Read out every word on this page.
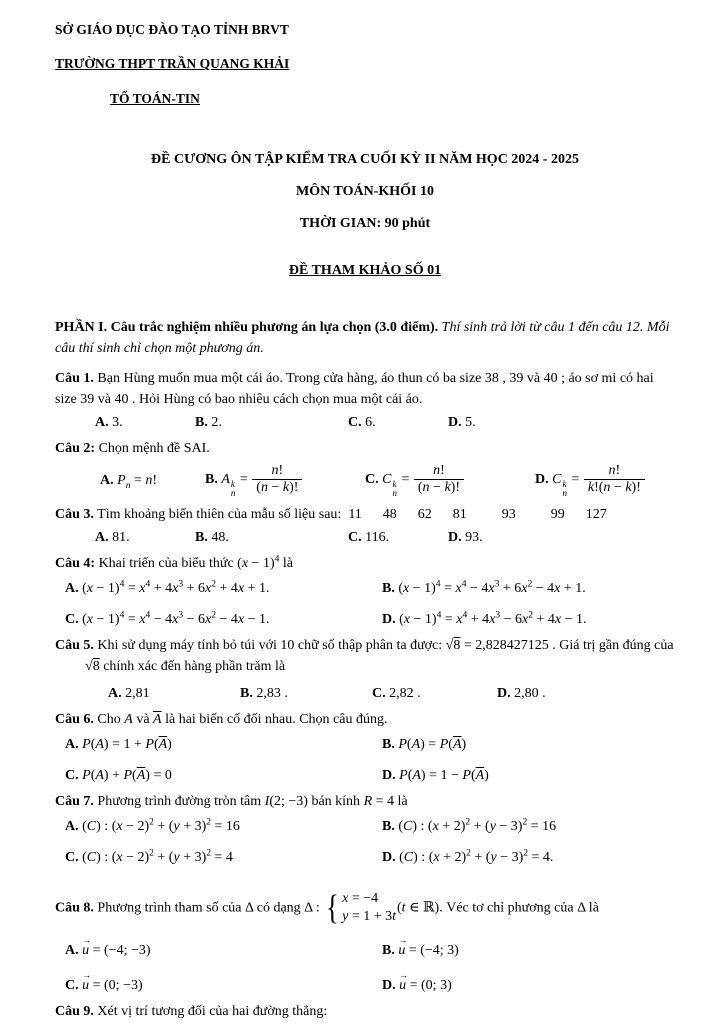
SỞ GIÁO DỤC ĐÀO TẠO TỈNH BRVT
TRƯỜNG THPT TRẦN QUANG KHẢI
TỔ TOÁN-TIN
ĐỀ CƯƠNG ÔN TẬP KIỂM TRA CUỐI KỲ II NĂM HỌC 2024 - 2025
MÔN TOÁN-KHỐI 10
THỜI GIAN: 90 phút
ĐỀ THAM KHẢO SỐ 01
PHẦN I. Câu trắc nghiệm nhiều phương án lựa chọn (3.0 điểm). Thí sinh trả lời từ câu 1 đến câu 12. Mỗi câu thí sinh chỉ chọn một phương án.
Câu 1. Bạn Hùng muốn mua một cái áo. Trong cửa hàng, áo thun có ba size 38 , 39 và 40 ; áo sơ mi có hai size 39 và 40 . Hỏi Hùng có bao nhiêu cách chọn mua một cái áo.
A. 3.	B. 2.	C. 6.	D. 5.
Câu 2: Chọn mệnh đề SAI.
A. $P_n = n$!	B. A k
n
= $\frac{n!}{(n - k)!}$	C. C k
n
= $\frac{n!}{(n - k)!}$	D. C k
n
= $\frac{n!}{k!(n - k)!}$
Câu 3. Tìm khoảng biến thiên của mẫu số liệu sau: 11  48  62  81   93   99  127
A. 81.	B. 48.	C. 116.	D. 93.
Câu 4: Khai triển của biểu thức $(x - 1)^4$ là
A. $(x - 1)^4 = x^4 + 4x^3 + 6x^2 + 4x + 1$.	B. $(x - 1)^4 = x^4 - 4x^3 + 6x^2 - 4x + 1$.
C. $(x - 1)^4 = x^4 - 4x^3 - 6x^2 - 4x - 1$.	D. $(x - 1)^4 = x^4 + 4x^3 - 6x^2 + 4x - 1$.
Câu 5. Khi sử dụng máy tính bỏ túi với 10 chữ số thập phân ta được: √8 = 2,828427125 . Giá trị gần đúng của √8 chính xác đến hàng phần trăm là
A. 2,81	B. 2,83 .	C. 2,82 .	D. 2,80 .
Câu 6. Cho A và $\overline{A}$ là hai biến cố đối nhau. Chọn câu đúng.
A. $P(A) = 1 + P(\overline{A})$	B. $P(A) = P(\overline{A})$
C. $P(A) + P(\overline{A}) = 0$	D. $P(A) = 1 - P(\overline{A})$
Câu 7. Phương trình đường tròn tâm I(2; −3) bán kính R = 4 là
A. (C) : $(x - 2)^2 + (y + 3)^2 = 16$	B. (C) : $(x + 2)^2 + (y - 3)^2 = 16$
C. (C) : $(x - 2)^2 + (y + 3)^2 = 4$	D. (C) : $(x + 2)^2 + (y - 3)^2 = 4$.
Câu 8. Phương trình tham số của Δ có dạng Δ : { x = −4
y = 1 + 3t
(t ∈ ℝ). Véc tơ chỉ phương của Δ là
A. → u = (−4; −3)	B. → u = (−4; 3)
C. → u = (0; −3)	D. → u = (0; 3)
Câu 9. Xét vị trí tương đối của hai đường thẳng:
